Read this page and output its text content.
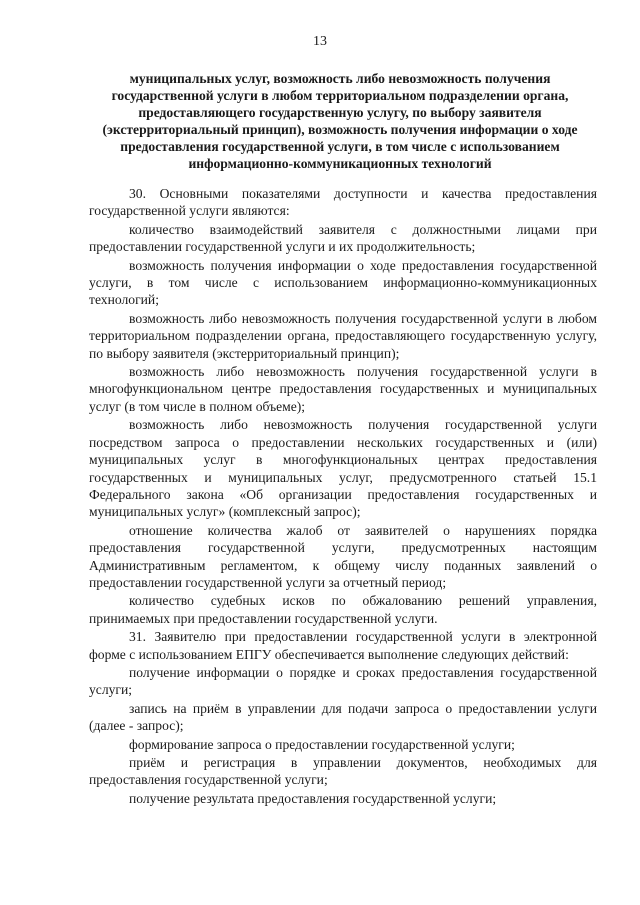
13
муниципальных услуг, возможность либо невозможность получения государственной услуги в любом территориальном подразделении органа, предоставляющего государственную услугу, по выбору заявителя (экстерриториальный принцип), возможность получения информации о ходе предоставления государственной услуги, в том числе с использованием информационно-коммуникационных технологий

30. Основными показателями доступности и качества предоставления государственной услуги являются:

количество взаимодействий заявителя с должностными лицами при предоставлении государственной услуги и их продолжительность;

возможность получения информации о ходе предоставления государственной услуги, в том числе с использованием информационно-коммуникационных технологий;

возможность либо невозможность получения государственной услуги в любом территориальном подразделении органа, предоставляющего государственную услугу, по выбору заявителя (экстерриториальный принцип);

возможность либо невозможность получения государственной услуги в многофункциональном центре предоставления государственных и муниципальных услуг (в том числе в полном объеме);

возможность либо невозможность получения государственной услуги посредством запроса о предоставлении нескольких государственных и (или) муниципальных услуг в многофункциональных центрах предоставления государственных и муниципальных услуг, предусмотренного статьей 15.1 Федерального закона «Об организации предоставления государственных и муниципальных услуг» (комплексный запрос);

отношение количества жалоб от заявителей о нарушениях порядка предоставления государственной услуги, предусмотренных настоящим Административным регламентом, к общему числу поданных заявлений о предоставлении государственной услуги за отчетный период;

количество судебных исков по обжалованию решений управления, принимаемых при предоставлении государственной услуги.

31. Заявителю при предоставлении государственной услуги в электронной форме с использованием ЕПГУ обеспечивается выполнение следующих действий:

получение информации о порядке и сроках предоставления государственной услуги;

запись на приём в управлении для подачи запроса о предоставлении услуги (далее - запрос);

формирование запроса о предоставлении государственной услуги;

приём и регистрация в управлении документов, необходимых для предоставления государственной услуги;

получение результата предоставления государственной услуги;
